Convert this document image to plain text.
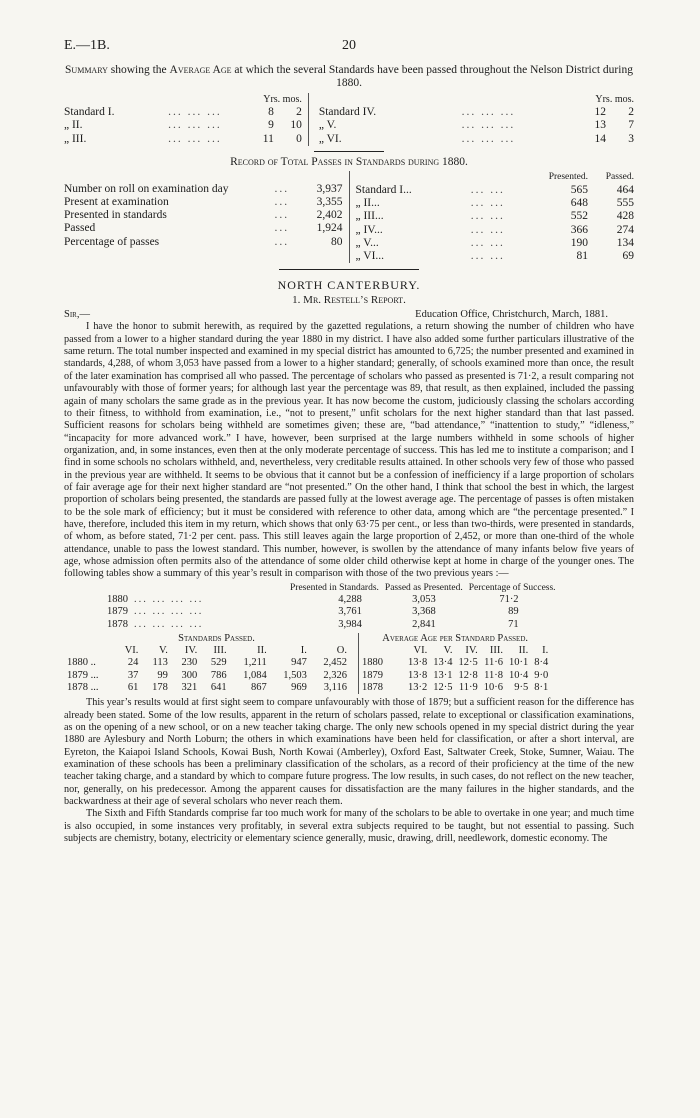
E.—1B.	20
Summary showing the Average Age at which the several Standards have been passed throughout the Nelson District during 1880.
Yrs. mos.
Standard I.	... ... ...	8	2
„ II.	... ... ...	9	10
„ III.	... ... ...	11	0
Yrs. mos.
Standard IV.	... ... ...	12	2
„ V.	... ... ...	13	7
„ VI.	... ... ...	14	3
Record of Total Passes in Standards during 1880.
Number on roll on examination day	...	3,937
Present at examination	...	3,355
Presented in standards	...	2,402
Passed	...	1,924
Percentage of passes	...	80
Presented.	Passed.
Standard I...	... ...	565	464
„ II...	... ...	648	555
„ III...	... ...	552	428
„ IV...	... ...	366	274
„ V...	... ...	190	134
„ VI...	... ...	81	69
NORTH CANTERBURY.
1. Mr. Restell’s Report.
Sir,—	Education Office, Christchurch, March, 1881.

I have the honor to submit herewith, as required by the gazetted regulations, a return showing the number of children who have passed from a lower to a higher standard during the year 1880 in my district. I have also added some further particulars illustrative of the same return. The total number inspected and examined in my special district has amounted to 6,725; the number presented and examined in standards, 4,288, of whom 3,053 have passed from a lower to a higher standard; generally, of schools examined more than once, the result of the later examination has comprised all who passed. The percentage of scholars who passed as presented is 71·2, a result comparing not unfavourably with those of former years; for although last year the percentage was 89, that result, as then explained, included the passing again of many scholars the same grade as in the previous year. It has now become the custom, judiciously classing the scholars according to their fitness, to withhold from examination, i.e., “not to present,” unfit scholars for the next higher standard than that last passed. Sufficient reasons for scholars being withheld are sometimes given; these are, “bad attendance,” “inattention to study,” “idleness,” “incapacity for more advanced work.” I have, however, been surprised at the large numbers withheld in some schools of higher organization, and, in some instances, even then at the only moderate percentage of success. This has led me to institute a comparison; and I find in some schools no scholars withheld, and, nevertheless, very creditable results attained. In other schools very few of those who passed in the previous year are withheld. It seems to be obvious that it cannot but be a confession of inefficiency if a large proportion of scholars of fair average age for their next higher standard are “not presented.” On the other hand, I think that school the best in which, the largest proportion of scholars being presented, the standards are passed fully at the lowest average age. The percentage of passes is often mistaken to be the sole mark of efficiency; but it must be considered with reference to other data, among which are “the percentage presented.” I have, therefore, included this item in my return, which shows that only 63·75 per cent., or less than two-thirds, were presented in standards, of whom, as before stated, 71·2 per cent. pass. This still leaves again the large proportion of 2,452, or more than one-third of the whole attendance, unable to pass the lowest standard. This number, however, is swollen by the attendance of many infants below five years of age, whose admission often permits also of the attendance of some older child otherwise kept at home in charge of the younger ones. The following tables show a summary of this year’s result in comparison with those of the two previous years :—

		Presented in Standards.	Passed as Presented.	Percentage of Success.
1880	... ... ... ...	4,288	3,053	71·2
1879	... ... ... ...	3,761	3,368	89
1878	... ... ... ...	3,984	2,841	71
Standards Passed.							
	VI.	V.	IV.	III.	II.	I.	O.
1880 ..	24	113	230	529	1,211	947	2,452
1879 ...	37	99	300	786	1,084	1,503	2,326
1878 ...	61	178	321	641	867	969	3,116
Average Age per Standard Passed.						
	VI.	V.	IV.	III.	II.	I.
1880	13·8	13·4	12·5	11·6	10·1	8·4
1879	13·8	13·1	12·8	11·8	10·4	9·0
1878	13·2	12·5	11·9	10·6	9·5	8·1

This year’s results would at first sight seem to compare unfavourably with those of 1879; but a sufficient reason for the difference has already been stated. Some of the low results, apparent in the return of scholars passed, relate to exceptional or classification examinations, as on the opening of a new school, or on a new teacher taking charge. The only new schools opened in my special district during the year 1880 are Aylesbury and North Loburn; the others in which examinations have been held for classification, or after a short interval, are Eyreton, the Kaiapoi Island Schools, Kowai Bush, North Kowai (Amberley), Oxford East, Saltwater Creek, Stoke, Sumner, Waiau. The examination of these schools has been a preliminary classification of the scholars, as a record of their proficiency at the time of the new teacher taking charge, and a standard by which to compare future progress. The low results, in such cases, do not reflect on the new teacher, nor, generally, on his predecessor. Among the apparent causes for dissatisfaction are the many failures in the higher standards, and the backwardness at their age of several scholars who never reach them.

The Sixth and Fifth Standards comprise far too much work for many of the scholars to be able to overtake in one year; and much time is also occupied, in some instances very profitably, in several extra subjects required to be taught, but not essential to passing. Such subjects are chemistry, botany, electricity or elementary science generally, music, drawing, drill, needlework, domestic economy. The
